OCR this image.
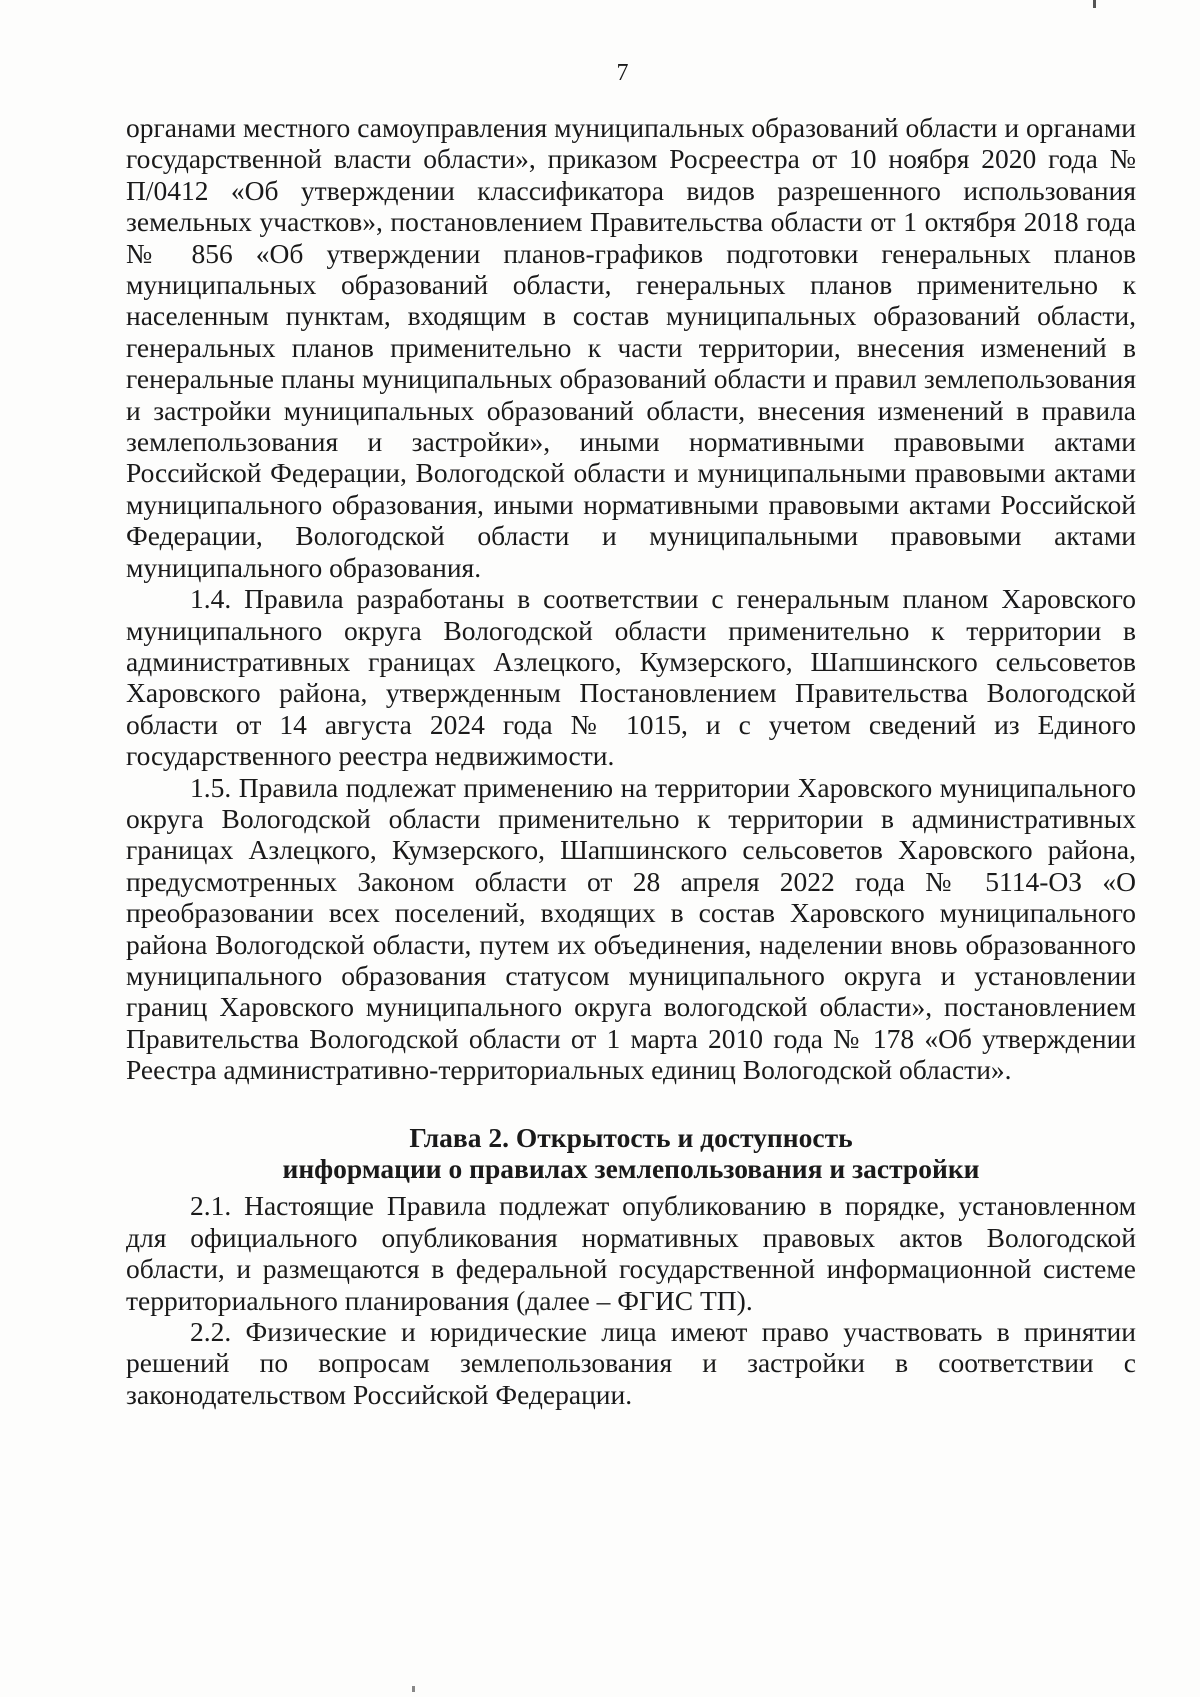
7

органами местного самоуправления муниципальных образований области и органами государственной власти области», приказом Росреестра от 10 ноября 2020 года № П/0412 «Об утверждении классификатора видов разрешенного использования земельных участков», постановлением Правительства области от 1 октября 2018 года № 856 «Об утверждении планов-графиков подготовки генеральных планов муниципальных образований области, генеральных планов применительно к населенным пунктам, входящим в состав муниципальных образований области, генеральных планов применительно к части территории, внесения изменений в генеральные планы муниципальных образований области и правил землепользования и застройки муниципальных образований области, внесения изменений в правила землепользования и застройки», иными нормативными правовыми актами Российской Федерации, Вологодской области и муниципальными правовыми актами муниципального образования, иными нормативными правовыми актами Российской Федерации, Вологодской области и муниципальными правовыми актами муниципального образования.

1.4. Правила разработаны в соответствии с генеральным планом Харовского муниципального округа Вологодской области применительно к территории в административных границах Азлецкого, Кумзерского, Шапшинского сельсоветов Харовского района, утвержденным Постановлением Правительства Вологодской области от 14 августа 2024 года № 1015, и с учетом сведений из Единого государственного реестра недвижимости.

1.5. Правила подлежат применению на территории Харовского муниципального округа Вологодской области применительно к территории в административных границах Азлецкого, Кумзерского, Шапшинского сельсоветов Харовского района, предусмотренных Законом области от 28 апреля 2022 года № 5114-ОЗ «О преобразовании всех поселений, входящих в состав Харовского муниципального района Вологодской области, путем их объединения, наделении вновь образованного муниципального образования статусом муниципального округа и установлении границ Харовского муниципального округа вологодской области», постановлением Правительства Вологодской области от 1 марта 2010 года № 178 «Об утверждении Реестра административно-территориальных единиц Вологодской области».

Глава 2. Открытость и доступность
информации о правилах землепользования и застройки

2.1. Настоящие Правила подлежат опубликованию в порядке, установленном для официального опубликования нормативных правовых актов Вологодской области, и размещаются в федеральной государственной информационной системе территориального планирования (далее – ФГИС ТП).

2.2. Физические и юридические лица имеют право участвовать в принятии решений по вопросам землепользования и застройки в соответствии с законодательством Российской Федерации.
